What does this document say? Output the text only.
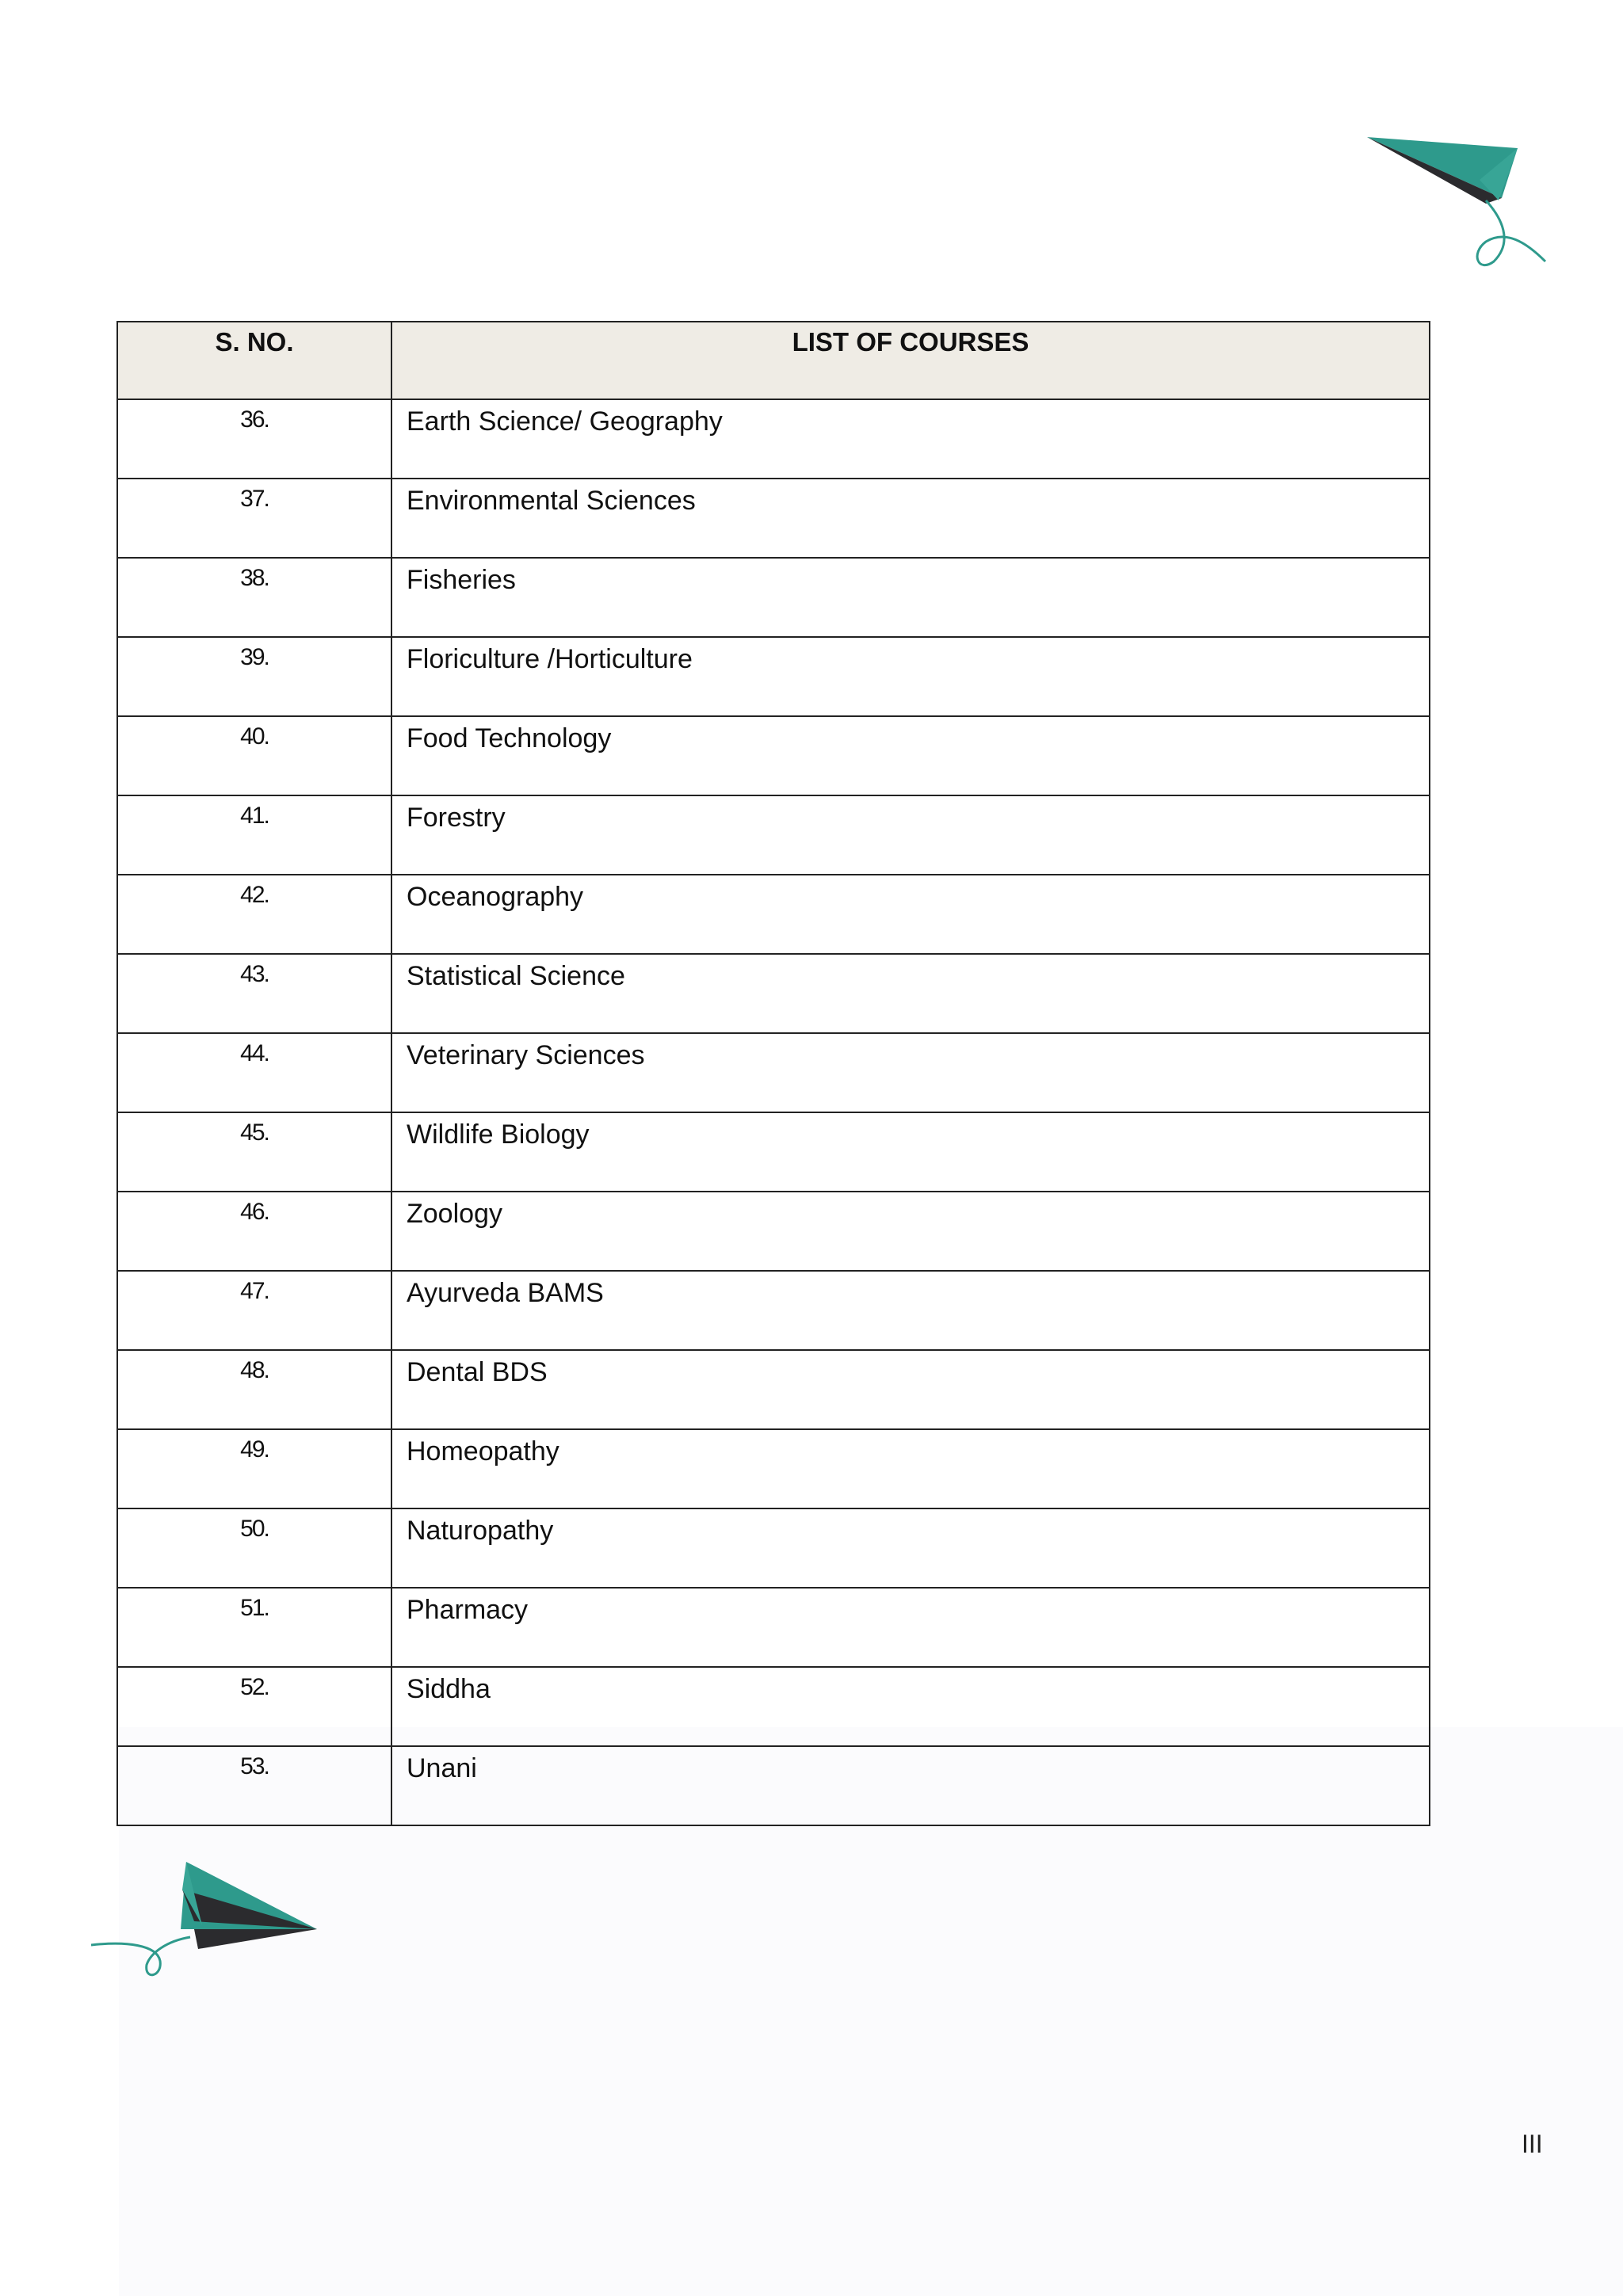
S. NO.	LIST OF COURSES
36.	Earth Science/ Geography
37.	Environmental Sciences
38.	Fisheries
39.	Floriculture /Horticulture
40.	Food Technology
41.	Forestry
42.	Oceanography
43.	Statistical Science
44.	Veterinary Sciences
45.	Wildlife Biology
46.	Zoology
47.	Ayurveda BAMS
48.	Dental BDS
49.	Homeopathy
50.	Naturopathy
51.	Pharmacy
52.	Siddha
53.	Unani
III
